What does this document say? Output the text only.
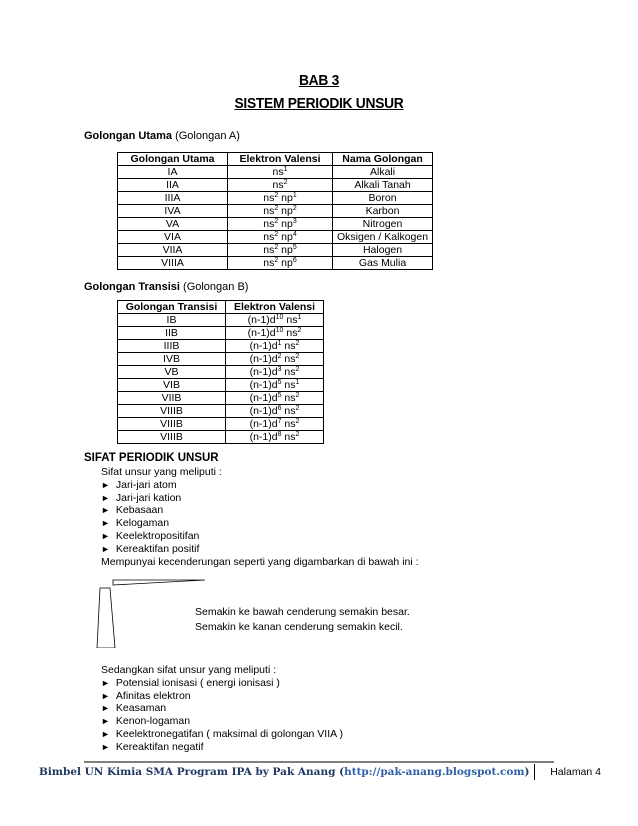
BAB 3
SISTEM PERIODIK UNSUR
Golongan Utama (Golongan A)
Golongan Utama	Elektron Valensi	Nama Golongan
IA	$ns^1$	Alkali
IIA	$ns^2$	Alkali Tanah
IIIA	$ns^2$ $np^1$	Boron
IVA	$ns^2$ $np^2$	Karbon
VA	$ns^2$ $np^3$	Nitrogen
VIA	$ns^2$ $np^4$	Oksigen / Kalkogen
VIIA	$ns^2$ $np^5$	Halogen
VIIIA	$ns^2$ $np^6$	Gas Mulia
Golongan Transisi (Golongan B)
Golongan Transisi	Elektron Valensi
IB	$(n-1)d^{10}$ $ns^1$
IIB	$(n-1)d^{10}$ $ns^2$
IIIB	$(n-1)d^1$ $ns^2$
IVB	$(n-1)d^2$ $ns^2$
VB	$(n-1)d^3$ $ns^2$
VIB	$(n-1)d^5$ $ns^1$
VIIB	$(n-1)d^5$ $ns^2$
VIIIB	$(n-1)d^6$ $ns^2$
VIIIB	$(n-1)d^7$ $ns^2$
VIIIB	$(n-1)d^8$ $ns^2$
SIFAT PERIODIK UNSUR
Sifat unsur yang meliputi :
► Jari-jari atom
► Jari-jari kation
► Kebasaan
► Kelogaman
► Keelektropositifan
► Kereaktifan positif
Mempunyai kecenderungan seperti yang digambarkan di bawah ini :
Semakin ke bawah cenderung semakin besar.
Semakin ke kanan cenderung semakin kecil.
Sedangkan sifat unsur yang meliputi :
► Potensial ionisasi ( energi ionisasi )
► Afinitas elektron
► Keasaman
► Kenon-logaman
► Keelektronegatifan ( maksimal di golongan VIIA )
► Kereaktifan negatif
Bimbel UN Kimia SMA Program IPA by Pak Anang (http://pak-anang.blogspot.com) Halaman 4
